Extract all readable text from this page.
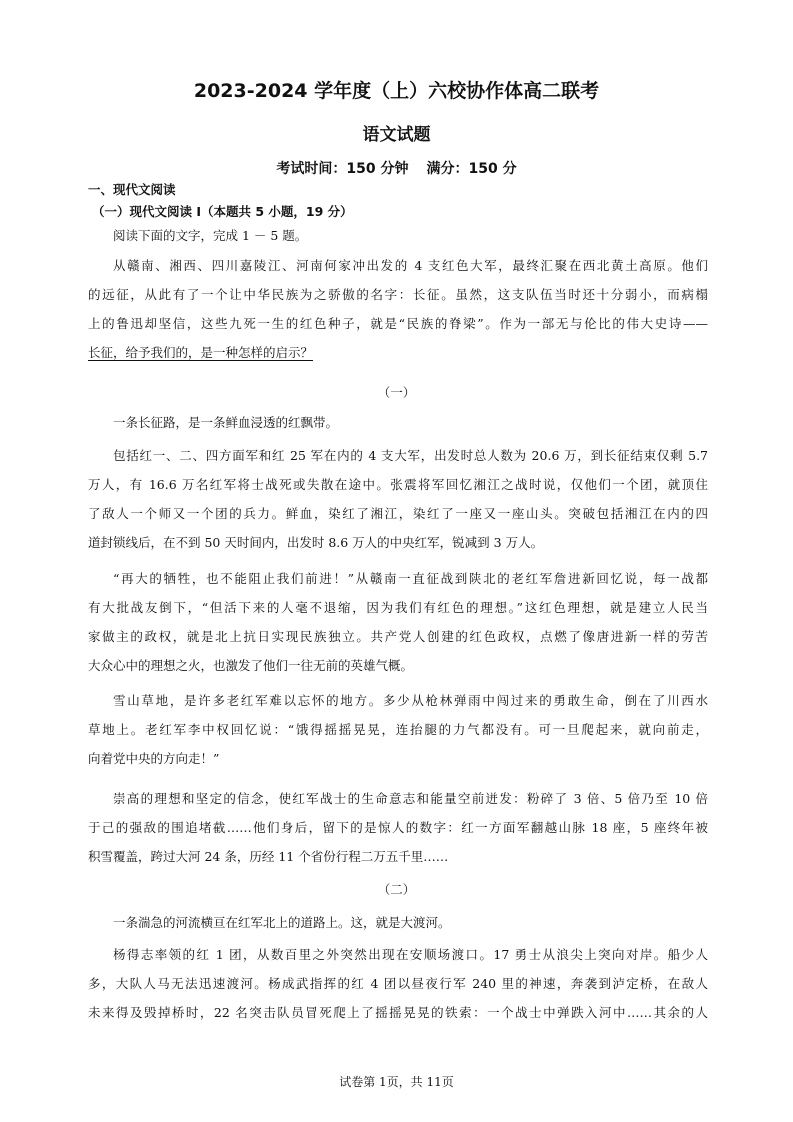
2023-2024 学年度（上）六校协作体高二联考
语文试题
考试时间：150 分钟 满分：150 分
一、现代文阅读
（一）现代文阅读 I（本题共 5 小题，19 分）
阅读下面的文字，完成 1 － 5 题。
从赣南、湘西、四川嘉陵江、河南何家冲出发的 4 支红色大军，最终汇聚在西北黄土高原。他们
的远征，从此有了一个让中华民族为之骄傲的名字：长征。虽然，这支队伍当时还十分弱小，而病榻
上的鲁迅却坚信，这些九死一生的红色种子，就是“民族的脊梁”。作为一部无与伦比的伟大史诗——
长征，给予我们的，是一种怎样的启示？
（一）
一条长征路，是一条鲜血浸透的红飘带。
包括红一、二、四方面军和红 25 军在内的 4 支大军，出发时总人数为 20.6 万，到长征结束仅剩 5.7
万人，有 16.6 万名红军将士战死或失散在途中。张震将军回忆湘江之战时说，仅他们一个团，就顶住
了敌人一个师又一个团的兵力。鲜血，染红了湘江，染红了一座又一座山头。突破包括湘江在内的四
道封锁线后，在不到 50 天时间内，出发时 8.6 万人的中央红军，锐减到 3 万人。
“再大的牺牲，也不能阻止我们前进！”从赣南一直征战到陕北的老红军詹进新回忆说，每一战都
有大批战友倒下，“但活下来的人毫不退缩，因为我们有红色的理想。”这红色理想，就是建立人民当
家做主的政权，就是北上抗日实现民族独立。共产党人创建的红色政权，点燃了像唐进新一样的劳苦
大众心中的理想之火，也激发了他们一往无前的英雄气概。
雪山草地，是许多老红军难以忘怀的地方。多少从枪林弹雨中闯过来的勇敢生命，倒在了川西水
草地上。老红军李中权回忆说：“饿得摇摇晃晃，连抬腿的力气都没有。可一旦爬起来，就向前走，
向着党中央的方向走！”
崇高的理想和坚定的信念，使红军战士的生命意志和能量空前迸发：粉碎了 3 倍、5 倍乃至 10 倍
于己的强敌的围追堵截……他们身后，留下的是惊人的数字：红一方面军翻越山脉 18 座，5 座终年被
积雪覆盖，跨过大河 24 条，历经 11 个省份行程二万五千里……
（二）
一条湍急的河流横亘在红军北上的道路上。这，就是大渡河。
杨得志率领的红 1 团，从数百里之外突然出现在安顺场渡口。17 勇士从浪尖上突向对岸。船少人
多，大队人马无法迅速渡河。杨成武指挥的红 4 团以昼夜行军 240 里的神速，奔袭到泸定桥，在敌人
未来得及毁掉桥时，22 名突击队员冒死爬上了摇摇晃晃的铁索：一个战士中弹跌入河中……其余的人
试卷第 1页，共 11页
